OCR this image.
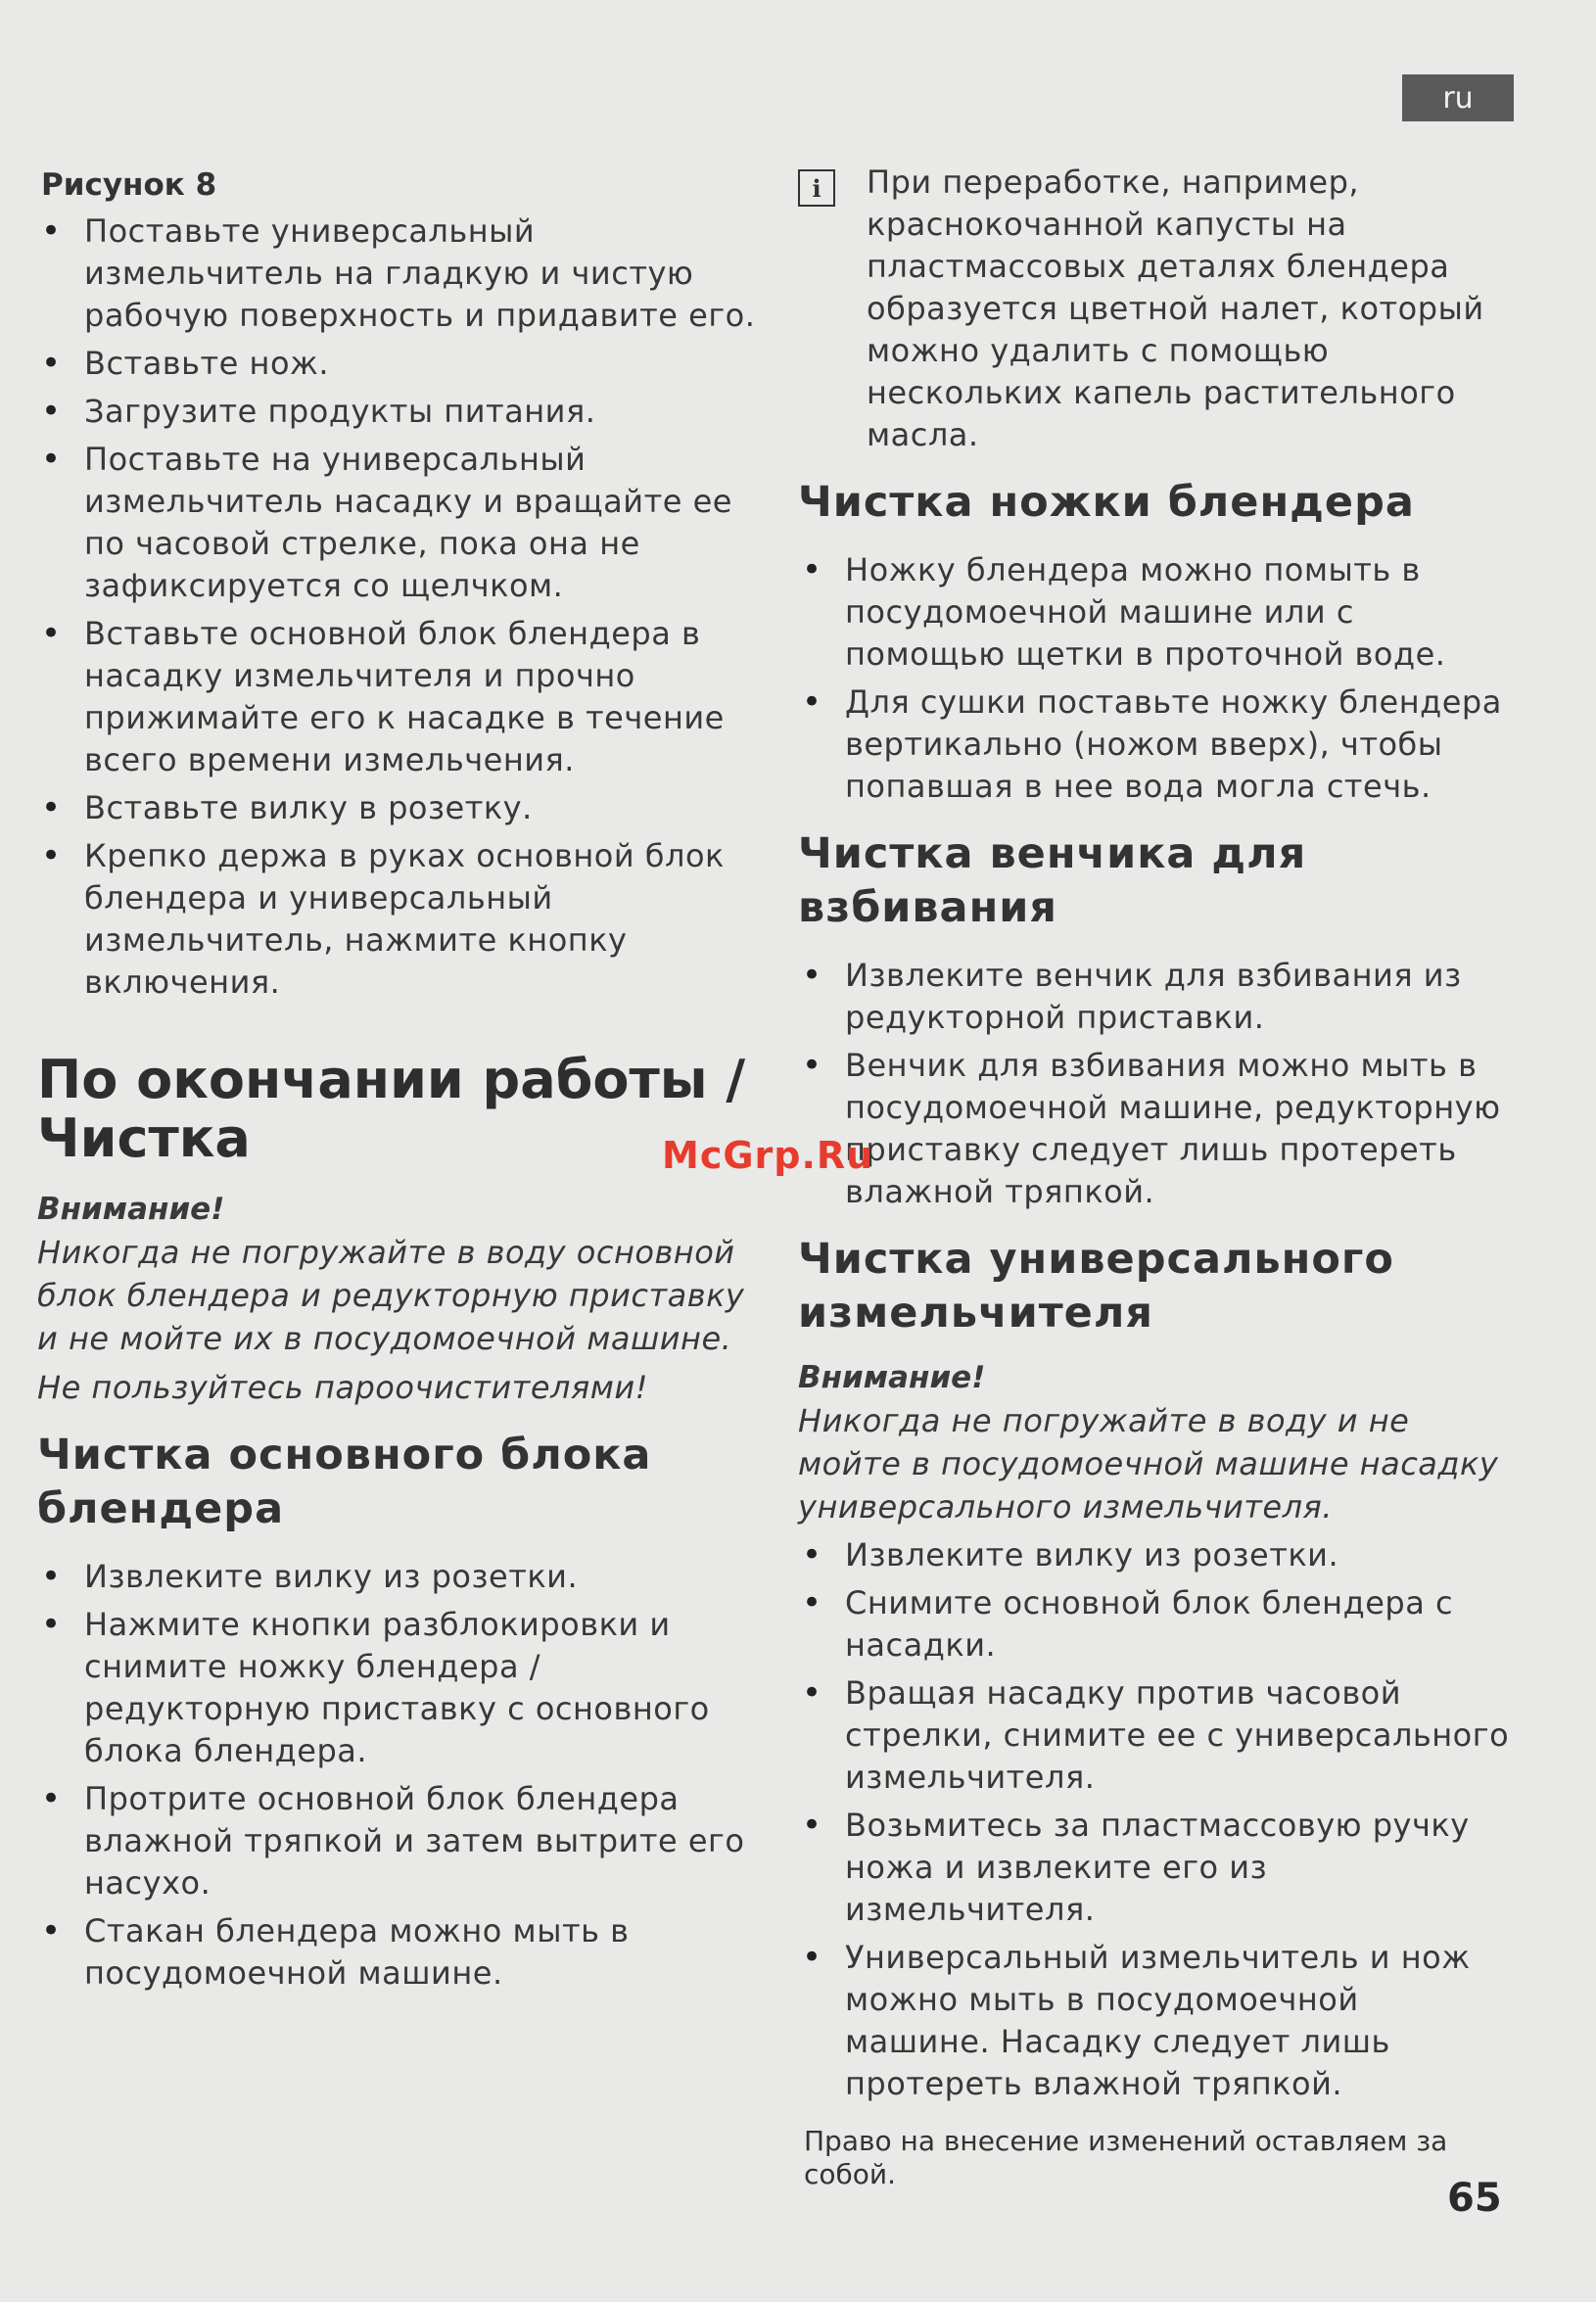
ru
Рисунок 8
• Поставьте универсальный измельчитель на гладкую и чистую рабочую поверхность и придавите его.
• Вставьте нож.
• Загрузите продукты питания.
• Поставьте на универсальный измельчитель насадку и вращайте ее по часовой стрелке, пока она не зафиксируется со щелчком.
• Вставьте основной блок блендера в насадку измельчителя и прочно прижимайте его к насадке в течение всего времени измельчения.
• Вставьте вилку в розетку.
• Крепко держа в руках основной блок блендера и универсальный измельчитель, нажмите кнопку включения.
По окончании работы / Чистка
Внимание!

Никогда не погружайте в воду основной блок блендера и редукторную приставку и не мойте их в посудомоечной машине.

Не пользуйтесь пароочистителями!

Чистка основного блока блендера
• Извлеките вилку из розетки.
• Нажмите кнопки разблокировки и снимите ножку блендера / редукторную приставку с основного блока блендера.
• Протрите основной блок блендера влажной тряпкой и затем вытрите его насухо.
• Стакан блендера можно мыть в посудомоечной машине.
i	При переработке, например, краснокочанной капусты на пластмассовых деталях блендера образуется цветной налет, который можно удалить с помощью нескольких капель растительного масла.
Чистка ножки блендера
• Ножку блендера можно помыть в посудомоечной машине или с помощью щетки в проточной воде.
• Для сушки поставьте ножку блендера вертикально (ножом вверх), чтобы попавшая в нее вода могла стечь.
Чистка венчика для взбивания
• Извлеките венчик для взбивания из редукторной приставки.
• Венчик для взбивания можно мыть в посудомоечной машине, редукторную приставку следует лишь протереть влажной тряпкой.
Чистка универсального измельчителя
Внимание!

Никогда не погружайте в воду и не мойте в посудомоечной машине насадку универсального измельчителя.

• Извлеките вилку из розетки.
• Снимите основной блок блендера с насадки.
• Вращая насадку против часовой стрелки, снимите ее с универсального измельчителя.
• Возьмитесь за пластмассовую ручку ножа и извлеките его из измельчителя.
• Универсальный измельчитель и нож можно мыть в посудомоечной машине. Насадку следует лишь протереть влажной тряпкой.
Право на внесение изменений оставляем за собой.
McGrp.Ru
65
